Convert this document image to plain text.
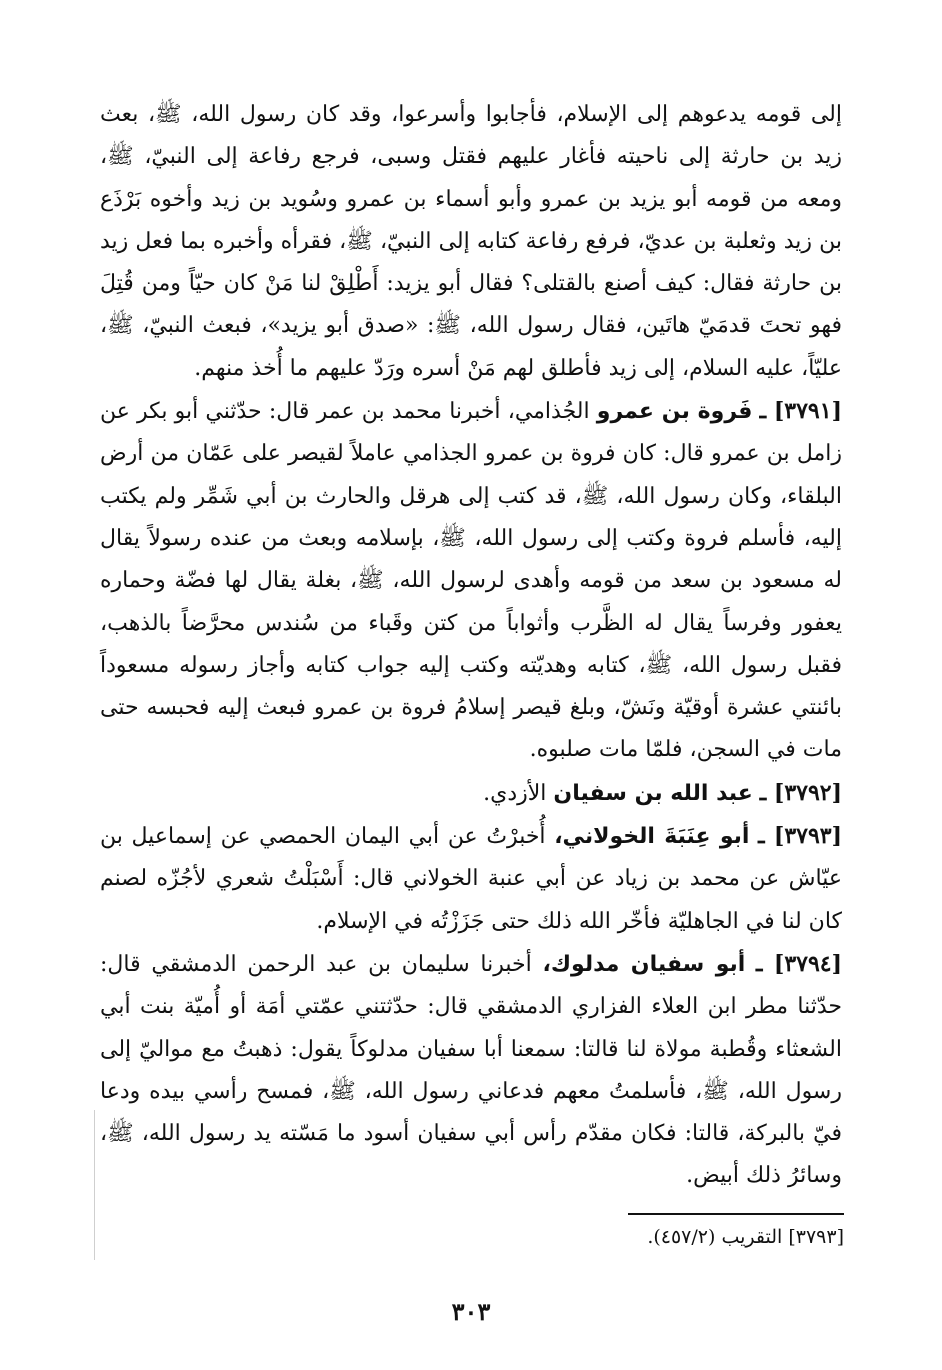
إلى قومه يدعوهم إلى الإسلام، فأجابوا وأسرعوا، وقد كان رسول الله، ﷺ، بعث زيد بن حارثة إلى ناحيته فأغار عليهم فقتل وسبى، فرجع رفاعة إلى النبيّ، ﷺ، ومعه من قومه أبو يزيد بن عمرو وأبو أسماء بن عمرو وسُويد بن زيد وأخوه بَرْذَع بن زيد وثعلبة بن عديّ، فرفع رفاعة كتابه إلى النبيّ، ﷺ، فقرأه وأخبره بما فعل زيد بن حارثة فقال: كيف أصنع بالقتلى؟ فقال أبو يزيد: أَطْلِقْ لنا مَنْ كان حيّاً ومن قُتِلَ فهو تحتَ قدمَيّ هاتَين، فقال رسول الله، ﷺ: «صدق أبو يزيد»، فبعث النبيّ، ﷺ، عليّاً، عليه السلام، إلى زيد فأطلق لهم مَنْ أسره ورَدّ عليهم ما أُخذ منهم.

[٣٧٩١] ـ فَروة بن عمرو الجُذامي، أخبرنا محمد بن عمر قال: حدّثني أبو بكر عن زامل بن عمرو قال: كان فروة بن عمرو الجذامي عاملاً لقيصر على عَمّان من أرض البلقاء، وكان رسول الله، ﷺ، قد كتب إلى هرقل والحارث بن أبي شَمِّر ولم يكتب إليه، فأسلم فروة وكتب إلى رسول الله، ﷺ، بإسلامه وبعث من عنده رسولاً يقال له مسعود بن سعد من قومه وأهدى لرسول الله، ﷺ، بغلة يقال لها فضّة وحماره يعفور وفرساً يقال له الظَّرب وأثواباً من كتن وقَباء من سُندس محرَّضاً بالذهب، فقبل رسول الله، ﷺ، كتابه وهديّته وكتب إليه جواب كتابه وأجاز رسوله مسعوداً بائنتي عشرة أوقيّة ونَشّ، وبلغ قيصر إسلامُ فروة بن عمرو فبعث إليه فحبسه حتى مات في السجن، فلمّا مات صلبوه.

[٣٧٩٢] ـ عبد الله بن سفيان الأزدي.

[٣٧٩٣] ـ أبو عِنَبَةَ الخولاني، أُخبرْتُ عن أبي اليمان الحمصي عن إسماعيل بن عيّاش عن محمد بن زياد عن أبي عنبة الخولاني قال: أَسْبَلْتُ شعري لأجُزّه لصنم كان لنا في الجاهليّة فأخّر الله ذلك حتى جَزَزْتُه في الإسلام.

[٣٧٩٤] ـ أبو سفيان مدلوك، أخبرنا سليمان بن عبد الرحمن الدمشقي قال: حدّثنا مطر ابن العلاء الفزاري الدمشقي قال: حدّثتني عمّتي أمَة أو أُميّة بنت أبي الشعثاء وقُطبة مولاة لنا قالتا: سمعنا أبا سفيان مدلوكاً يقول: ذهبتُ مع مواليّ إلى رسول الله، ﷺ، فأسلمتُ معهم فدعاني رسول الله، ﷺ، فمسح رأسي بيده ودعا فيّ بالبركة، قالتا: فكان مقدّم رأس أبي سفيان أسود ما مَسّته يد رسول الله، ﷺ، وسائرُ ذلك أبيض.

[٣٧٩٣] التقريب (٤٥٧/٢).
٣٠٣
